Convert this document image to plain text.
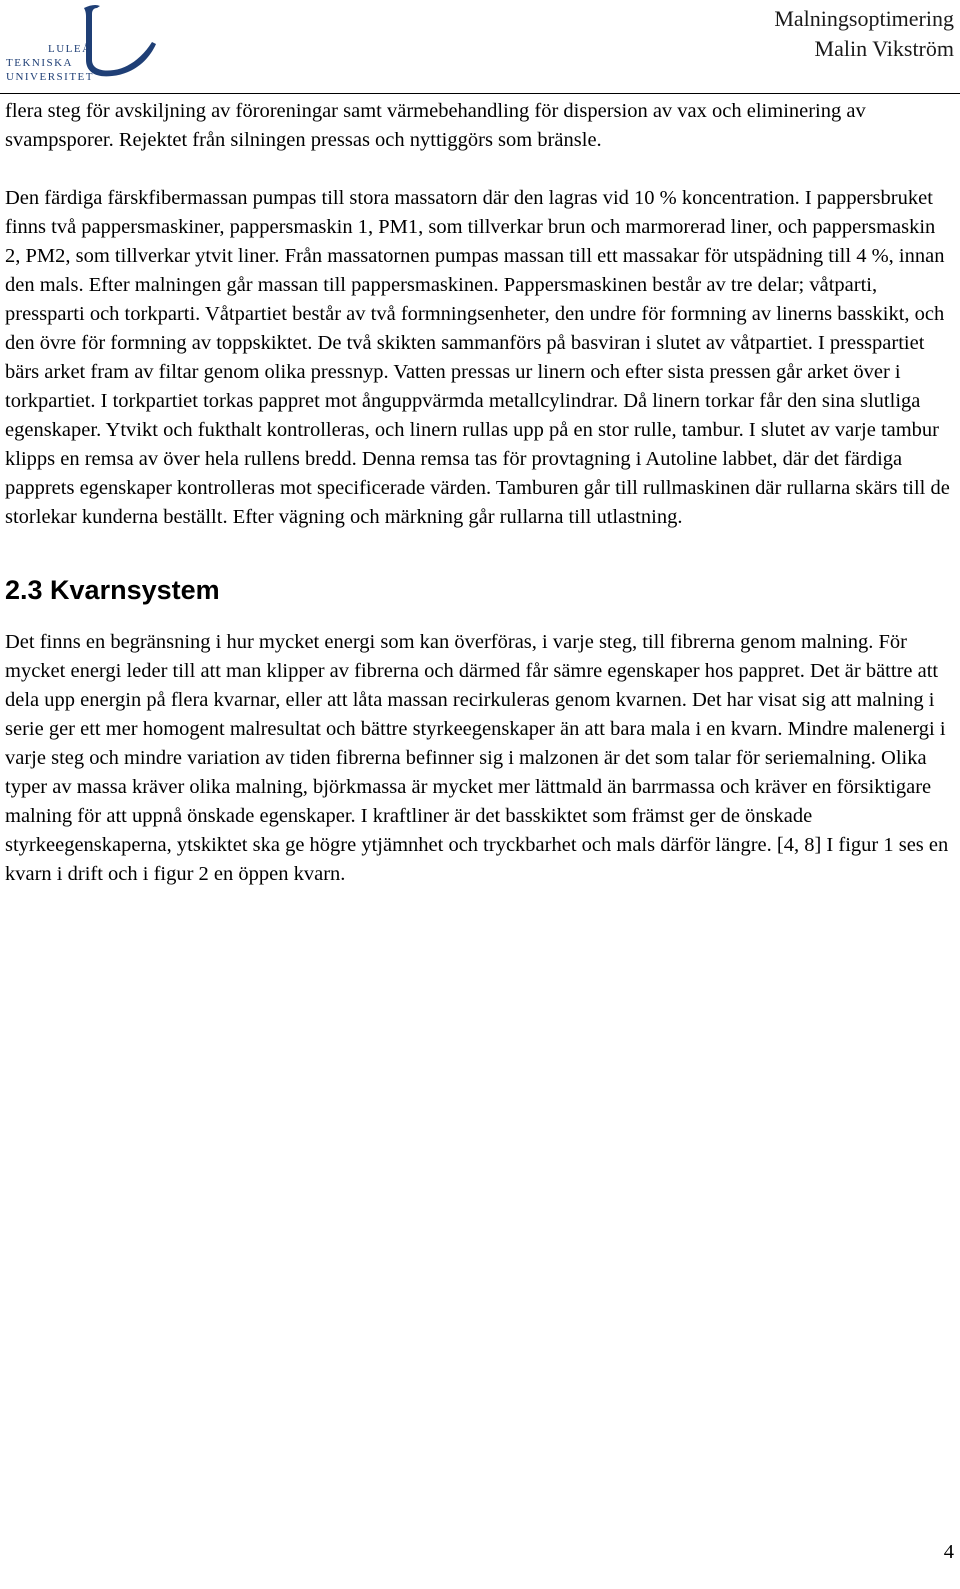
LULEÅ
TEKNISKA
UNIVERSITET
Malningsoptimering
Malin Vikström

flera steg för avskiljning av föroreningar samt värmebehandling för dispersion av vax och eliminering av svampsporer. Rejektet från silningen pressas och nyttiggörs som bränsle.

Den färdiga färskfibermassan pumpas till stora massatorn där den lagras vid 10 % koncentration. I pappersbruket finns två pappersmaskiner, pappersmaskin 1, PM1, som tillverkar brun och marmorerad liner, och pappersmaskin 2, PM2, som tillverkar ytvit liner. Från massatornen pumpas massan till ett massakar för utspädning till 4 %, innan den mals. Efter malningen går massan till pappersmaskinen. Pappersmaskinen består av tre delar; våtparti, pressparti och torkparti. Våtpartiet består av två formningsenheter, den undre för formning av linerns basskikt, och den övre för formning av toppskiktet. De två skikten sammanförs på basviran i slutet av våtpartiet. I presspartiet bärs arket fram av filtar genom olika pressnyp. Vatten pressas ur linern och efter sista pressen går arket över i torkpartiet. I torkpartiet torkas pappret mot ånguppvärmda metallcylindrar. Då linern torkar får den sina slutliga egenskaper. Ytvikt och fukthalt kontrolleras, och linern rullas upp på en stor rulle, tambur. I slutet av varje tambur klipps en remsa av över hela rullens bredd. Denna remsa tas för provtagning i Autoline labbet, där det färdiga papprets egenskaper kontrolleras mot specificerade värden. Tamburen går till rullmaskinen där rullarna skärs till de storlekar kunderna beställt. Efter vägning och märkning går rullarna till utlastning.

2.3 Kvarnsystem

Det finns en begränsning i hur mycket energi som kan överföras, i varje steg, till fibrerna genom malning. För mycket energi leder till att man klipper av fibrerna och därmed får sämre egenskaper hos pappret. Det är bättre att dela upp energin på flera kvarnar, eller att låta massan recirkuleras genom kvarnen. Det har visat sig att malning i serie ger ett mer homogent malresultat och bättre styrkeegenskaper än att bara mala i en kvarn. Mindre malenergi i varje steg och mindre variation av tiden fibrerna befinner sig i malzonen är det som talar för seriemalning. Olika typer av massa kräver olika malning, björkmassa är mycket mer lättmald än barrmassa och kräver en försiktigare malning för att uppnå önskade egenskaper. I kraftliner är det basskiktet som främst ger de önskade styrkeegenskaperna, ytskiktet ska ge högre ytjämnhet och tryckbarhet och mals därför längre. [4, 8] I figur 1 ses en kvarn i drift och i figur 2 en öppen kvarn.

4
